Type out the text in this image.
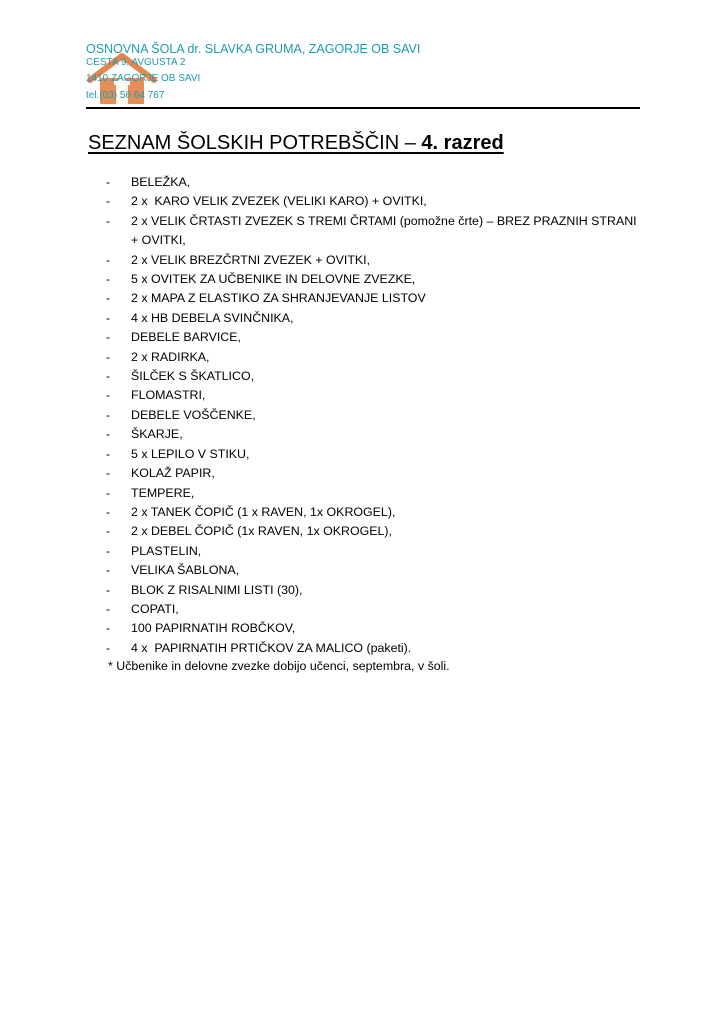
OSNOVNA ŠOLA dr. SLAVKA GRUMA, ZAGORJE OB SAVI
CESTA 9. AVGUSTA 2
1410 ZAGORJE OB SAVI
tel.(03) 56 64 767
SEZNAM ŠOLSKIH POTREBŠČIN – 4. razred
- BELEŽKA,
- 2 x  KARO VELIK ZVEZEK (VELIKI KARO) + OVITKI,
- 2 x VELIK ČRTASTI ZVEZEK S TREMI ČRTAMI (pomožne črte) – BREZ PRAZNIH STRANI + OVITKI,
- 2 x VELIK BREZČRTNI ZVEZEK + OVITKI,
- 5 x OVITEK ZA UČBENIKE IN DELOVNE ZVEZKE,
- 2 x MAPA Z ELASTIKO ZA SHRANJEVANJE LISTOV
- 4 x HB DEBELA SVINČNIKA,
- DEBELE BARVICE,
- 2 x RADIRKA,
- ŠILČEK S ŠKATLICO,
- FLOMASTRI,
- DEBELE VOŠČENKE,
- ŠKARJE,
- 5 x LEPILO V STIKU,
- KOLAŽ PAPIR,
- TEMPERE,
- 2 x TANEK ČOPIČ (1 x RAVEN, 1x OKROGEL),
- 2 x DEBEL ČOPIČ (1x RAVEN, 1x OKROGEL),
- PLASTELIN,
- VELIKA ŠABLONA,
- BLOK Z RISALNIMI LISTI (30),
- COPATI,
- 100 PAPIRNATIH ROBČKOV,
- 4 x  PAPIRNATIH PRTIČKOV ZA MALICO (paketi).
* Učbenike in delovne zvezke dobijo učenci, septembra, v šoli.
